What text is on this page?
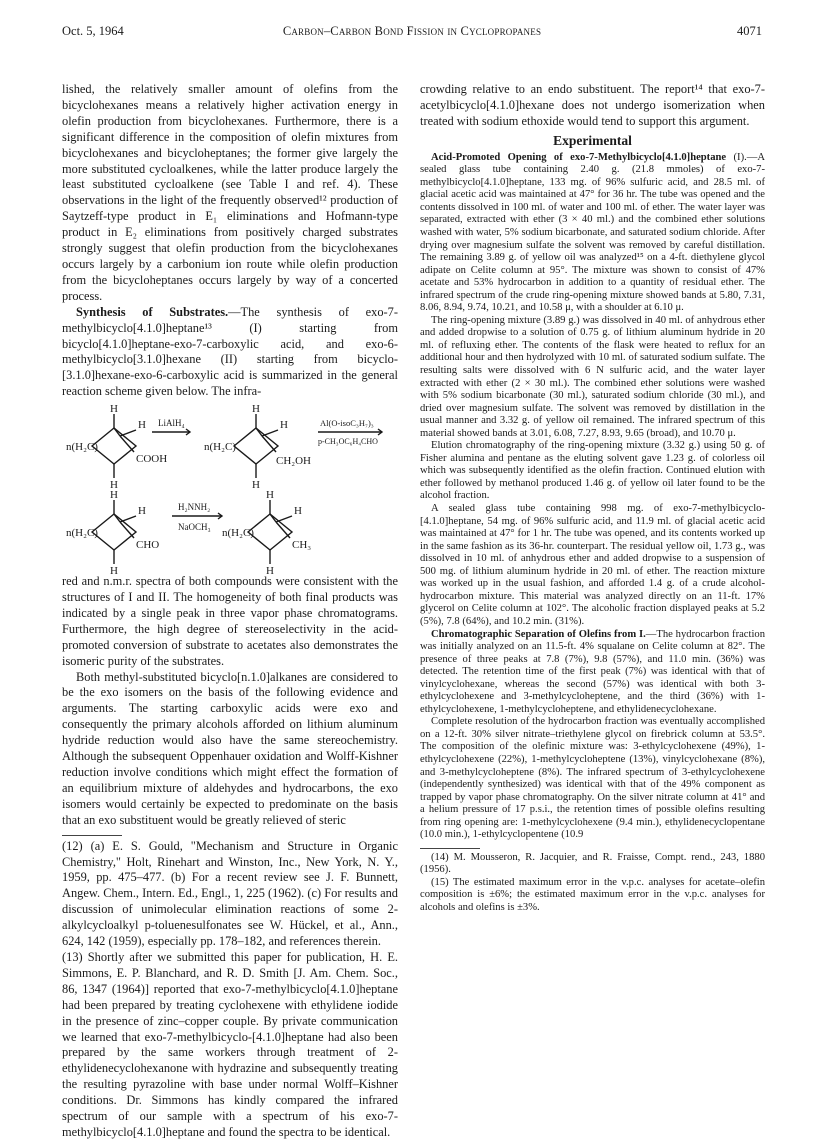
Oct. 5, 1964	Carbon–Carbon Bond Fission in Cyclopropanes	4071

lished, the relatively smaller amount of olefins from the bicyclohexanes means a relatively higher activation energy in olefin production from bicyclohexanes. Furthermore, there is a significant difference in the composition of olefin mixtures from bicyclohexanes and bicycloheptanes; the former give largely the more substituted cycloalkenes, while the latter produce largely the least substituted cycloalkene (see Table I and ref. 4). These observations in the light of the frequently observed¹² production of Saytzeff-type product in E₁ eliminations and Hofmann-type product in E₂ eliminations from positively charged substrates strongly suggest that olefin production from the bicyclohexanes occurs largely by a carbonium ion route while olefin production from the bicycloheptanes occurs largely by way of a concerted process.

Synthesis of Substrates.—The synthesis of exo-7-methylbicyclo[4.1.0]heptane¹³ (I) starting from bicyclo[4.1.0]heptane-exo-7-carboxylic acid, and exo-6-methylbicyclo[3.1.0]hexane (II) starting from bicyclo-[3.1.0]hexane-exo-6-carboxylic acid is summarized in the general reaction scheme given below. The infra-

n(H₂C)
H
H
H
COOH
LiAlH₄
n(H₂C)
H
H
H
CH₂OH
Al(O-isoC₃H₇)₃
p-CH₃OC₆H₄CHO
n(H₂C)
H
H
H
CHO
H₂NNH₂
NaOCH₃ n(H₂C)
H
H
H
CH₃

red and n.m.r. spectra of both compounds were consistent with the structures of I and II. The homogeneity of both final products was indicated by a single peak in three vapor phase chromatograms. Furthermore, the high degree of stereoselectivity in the acid-promoted conversion of substrate to acetates also demonstrates the isomeric purity of the substrates.

Both methyl-substituted bicyclo[n.1.0]alkanes are considered to be the exo isomers on the basis of the following evidence and arguments. The starting carboxylic acids were exo and consequently the primary alcohols afforded on lithium aluminum hydride reduction would also have the same stereochemistry. Although the subsequent Oppenhauer oxidation and Wolff-Kishner reduction involve conditions which might effect the formation of an equilibrium mixture of aldehydes and hydrocarbons, the exo isomers would certainly be expected to predominate on the basis that an exo substituent would be greatly relieved of steric

(12) (a) E. S. Gould, "Mechanism and Structure in Organic Chemistry," Holt, Rinehart and Winston, Inc., New York, N. Y., 1959, pp. 475–477. (b) For a recent review see J. F. Bunnett, Angew. Chem., Intern. Ed., Engl., 1, 225 (1962). (c) For results and discussion of unimolecular elimination reactions of some 2-alkylcycloalkyl p-toluenesulfonates see W. Hückel, et al., Ann., 624, 142 (1959), especially pp. 178–182, and references therein.

(13) Shortly after we submitted this paper for publication, H. E. Simmons, E. P. Blanchard, and R. D. Smith [J. Am. Chem. Soc., 86, 1347 (1964)] reported that exo-7-methylbicyclo[4.1.0]heptane had been prepared by treating cyclohexene with ethylidene iodide in the presence of zinc–copper couple. By private communication we learned that exo-7-methylbicyclo-[4.1.0]heptane had also been prepared by the same workers through treatment of 2-ethylidenecyclohexanone with hydrazine and subsequently treating the resulting pyrazoline with base under normal Wolff–Kishner conditions. Dr. Simmons has kindly compared the infrared spectrum of our sample with a spectrum of his exo-7-methylbicyclo[4.1.0]heptane and found the spectra to be identical.

crowding relative to an endo substituent. The report¹⁴ that exo-7-acetylbicyclo[4.1.0]hexane does not undergo isomerization when treated with sodium ethoxide would tend to support this argument.

Experimental

Acid-Promoted Opening of exo-7-Methylbicyclo[4.1.0]heptane (I).—A sealed glass tube containing 2.40 g. (21.8 mmoles) of exo-7-methylbicyclo[4.1.0]heptane, 133 mg. of 96% sulfuric acid, and 28.5 ml. of glacial acetic acid was maintained at 47° for 36 hr. The tube was opened and the contents dissolved in 100 ml. of water and 100 ml. of ether. The water layer was separated, extracted with ether (3 × 40 ml.) and the combined ether solutions washed with water, 5% sodium bicarbonate, and saturated sodium chloride. After drying over magnesium sulfate the solvent was removed by careful distillation. The remaining 3.89 g. of yellow oil was analyzed¹⁵ on a 4-ft. diethylene glycol adipate on Celite column at 95°. The mixture was shown to consist of 47% acetate and 53% hydrocarbon in addition to a quantity of residual ether. The infrared spectrum of the crude ring-opening mixture showed bands at 5.80, 7.31, 8.06, 8.94, 9.74, 10.21, and 10.58 μ, with a shoulder at 6.10 μ.

The ring-opening mixture (3.89 g.) was dissolved in 40 ml. of anhydrous ether and added dropwise to a solution of 0.75 g. of lithium aluminum hydride in 20 ml. of refluxing ether. The contents of the flask were heated to reflux for an additional hour and then hydrolyzed with 10 ml. of saturated sodium sulfate. The resulting salts were dissolved with 6 N sulfuric acid, and the water layer extracted with ether (2 × 30 ml.). The combined ether solutions were washed with 5% sodium bicarbonate (30 ml.), saturated sodium chloride (30 ml.), and dried over magnesium sulfate. The solvent was removed by distillation in the usual manner and 3.32 g. of yellow oil remained. The infrared spectrum of this material showed bands at 3.01, 6.08, 7.27, 8.93, 9.65 (broad), and 10.70 μ.

Elution chromatography of the ring-opening mixture (3.32 g.) using 50 g. of Fisher alumina and pentane as the eluting solvent gave 1.23 g. of colorless oil which was subsequently identified as the olefin fraction. Continued elution with ether followed by methanol produced 1.46 g. of yellow oil later found to be the alcohol fraction.

A sealed glass tube containing 998 mg. of exo-7-methylbicyclo-[4.1.0]heptane, 54 mg. of 96% sulfuric acid, and 11.9 ml. of glacial acetic acid was maintained at 47° for 1 hr. The tube was opened, and its contents worked up in the same fashion as its 36-hr. counterpart. The residual yellow oil, 1.73 g., was dissolved in 10 ml. of anhydrous ether and added dropwise to a suspension of 500 mg. of lithium aluminum hydride in 20 ml. of ether. The reaction mixture was worked up in the usual fashion, and afforded 1.4 g. of a crude alcohol-hydrocarbon mixture. This material was analyzed directly on an 11-ft. 17% glycerol on Celite column at 102°. The alcoholic fraction displayed peaks at 5.2 (5%), 7.8 (64%), and 10.2 min. (31%).

Chromatographic Separation of Olefins from I.—The hydrocarbon fraction was initially analyzed on an 11.5-ft. 4% squalane on Celite column at 82°. The presence of three peaks at 7.8 (7%), 9.8 (57%), and 11.0 min. (36%) was detected. The retention time of the first peak (7%) was identical with that of vinylcyclohexane, whereas the second (57%) was identical with both 3-ethylcyclohexene and 3-methylcycloheptene, and the third (36%) with 1-ethylcyclohexene, 1-methylcycloheptene, and ethylidenecyclohexane.

Complete resolution of the hydrocarbon fraction was eventually accomplished on a 12-ft. 30% silver nitrate–triethylene glycol on firebrick column at 53.5°. The composition of the olefinic mixture was: 3-ethylcyclohexene (49%), 1-ethylcyclohexene (22%), 1-methylcycloheptene (13%), vinylcyclohexane (8%), and 3-methylcycloheptene (8%). The infrared spectrum of 3-ethylcyclohexene (independently synthesized) was identical with that of the 49% component as trapped by vapor phase chromatography. On the silver nitrate column at 41° and a helium pressure of 17 p.s.i., the retention times of possible olefins resulting from ring opening are: 1-methylcyclohexene (9.4 min.), ethylidenecyclopentane (10.0 min.), 1-ethylcyclopentene (10.9

(14) M. Mousseron, R. Jacquier, and R. Fraisse, Compt. rend., 243, 1880 (1956).

(15) The estimated maximum error in the v.p.c. analyses for acetate–olefin composition is ±6%; the estimated maximum error in the v.p.c. analyses for alcohols and olefins is ±3%.
